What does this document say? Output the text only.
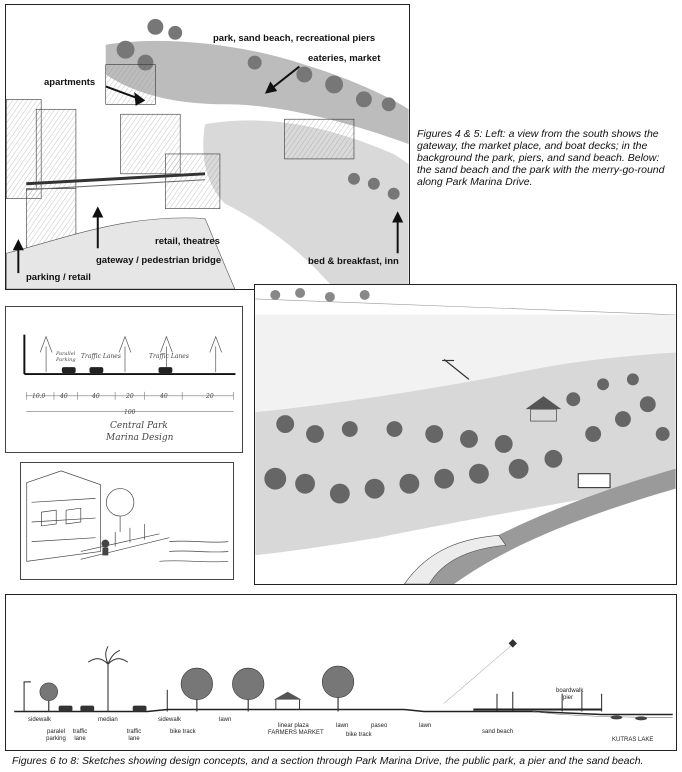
park, sand beach, recreational piers
eateries, market
apartments
retail, theatres
gateway / pedestrian bridge	bed & breakfast, inn
parking / retail
Figures 4 & 5: Left: a view from the south shows the gateway, the market place, and boat decks; in the background the park, piers, and sand beach. Below: the sand beach and the park with the merry-go-round along Park Marina Drive.
Parallel Parking Traffic Lanes	Traffic Lanes
10.0 40	40	20	40	20
100
Central Park
Marina Design
sidewalk
paralel parking
traffic lane
median
traffic lane
sidewalk
bike track
lawn
linear plaza
FARMERS MARKET
lawn
bike track
paseo	lawn
sand beach
boardwalk pier
KUTRAS LAKE
Figures 6 to 8: Sketches showing design concepts, and a section through Park Marina Drive, the public park, a pier and the sand beach.
